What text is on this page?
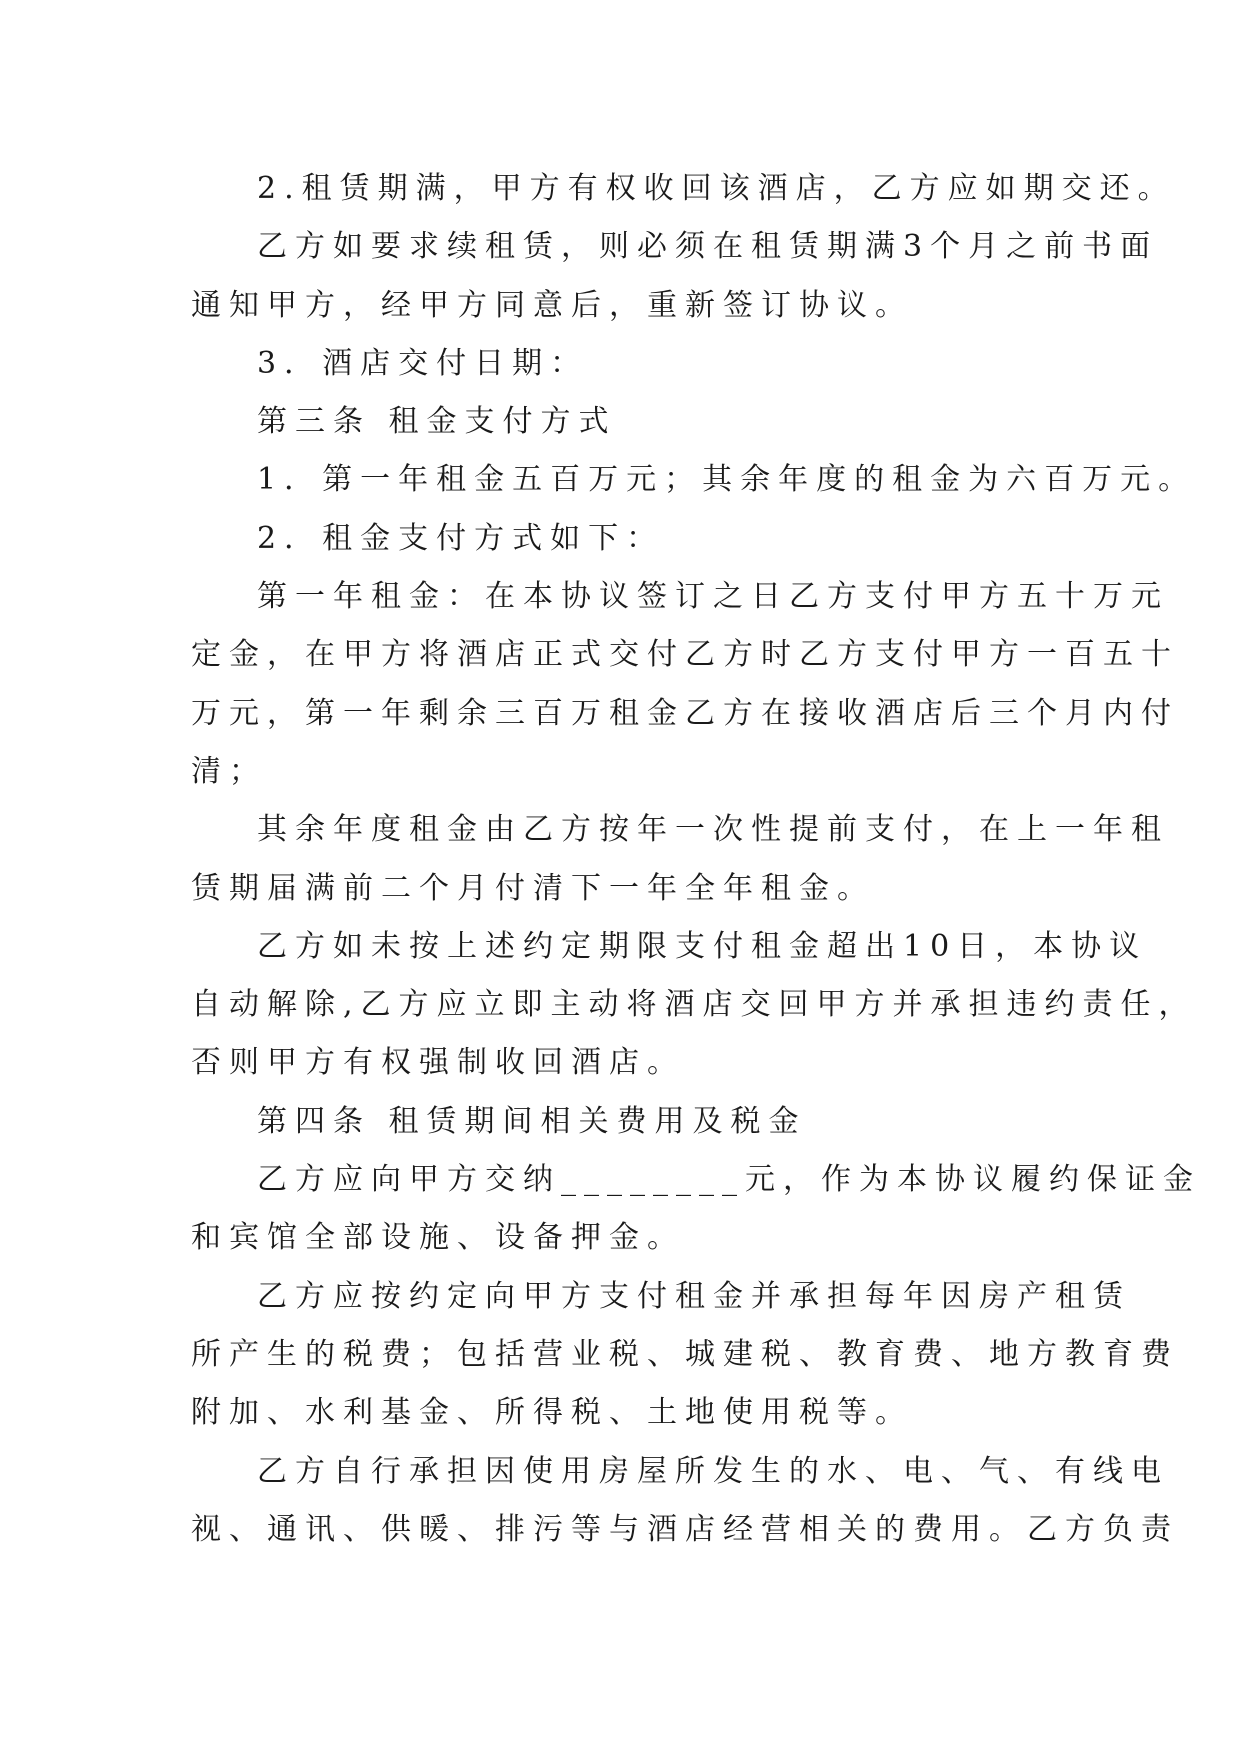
2.租赁期满，甲方有权收回该酒店，乙方应如期交还。

乙方如要求续租赁，则必须在租赁期满3个月之前书面

通知甲方，经甲方同意后，重新签订协议。

3．酒店交付日期：

第三条 租金支付方式

1．第一年租金五百万元；其余年度的租金为六百万元。

2．租金支付方式如下：

第一年租金：在本协议签订之日乙方支付甲方五十万元

定金，在甲方将酒店正式交付乙方时乙方支付甲方一百五十

万元，第一年剩余三百万租金乙方在接收酒店后三个月内付

清；

其余年度租金由乙方按年一次性提前支付，在上一年租

赁期届满前二个月付清下一年全年租金。

乙方如未按上述约定期限支付租金超出10日，本协议

自动解除,乙方应立即主动将酒店交回甲方并承担违约责任，

否则甲方有权强制收回酒店。

第四条 租赁期间相关费用及税金

乙方应向甲方交纳________元，作为本协议履约保证金

和宾馆全部设施、设备押金。

乙方应按约定向甲方支付租金并承担每年因房产租赁

所产生的税费；包括营业税、城建税、教育费、地方教育费

附加、水利基金、所得税、土地使用税等。

乙方自行承担因使用房屋所发生的水、电、气、有线电

视、通讯、供暖、排污等与酒店经营相关的费用。乙方负责
